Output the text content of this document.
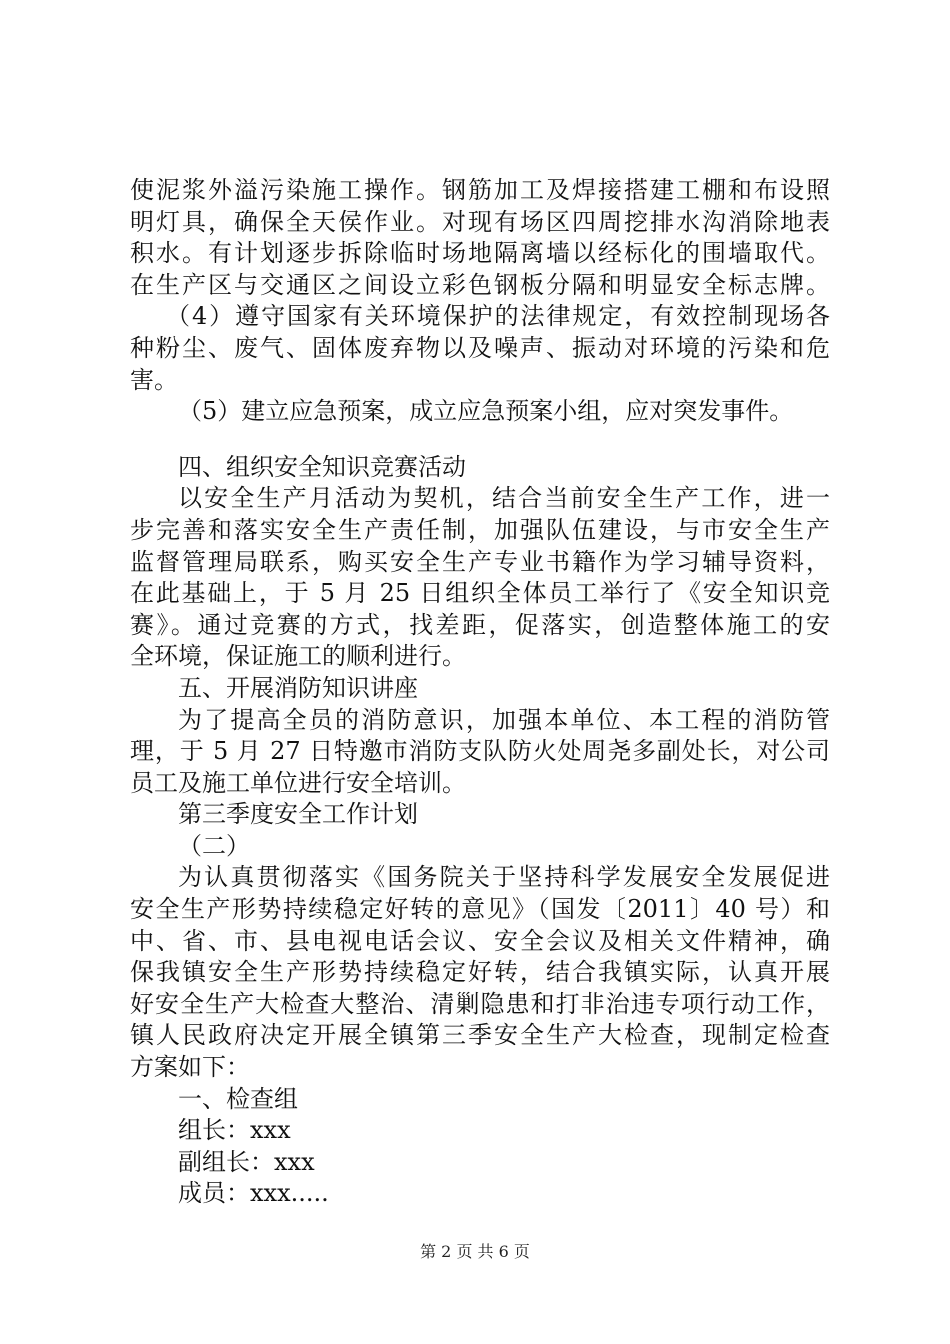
使泥浆外溢污染施工操作。钢筋加工及焊接搭建工棚和布设照
明灯具，确保全天侯作业。对现有场区四周挖排水沟消除地表
积水。有计划逐步拆除临时场地隔离墙以经标化的围墙取代。
在生产区与交通区之间设立彩色钢板分隔和明显安全标志牌。
（4）遵守国家有关环境保护的法律规定，有效控制现场各
种粉尘、废气、固体废弃物以及噪声、振动对环境的污染和危
害。
（5）建立应急预案，成立应急预案小组，应对突发事件。
四、组织安全知识竞赛活动
以安全生产月活动为契机，结合当前安全生产工作，进一
步完善和落实安全生产责任制，加强队伍建设，与市安全生产
监督管理局联系，购买安全生产专业书籍作为学习辅导资料，
在此基础上，于 5 月 25 日组织全体员工举行了《安全知识竞
赛》。通过竞赛的方式，找差距，促落实，创造整体施工的安
全环境，保证施工的顺利进行。
五、开展消防知识讲座
为了提高全员的消防意识，加强本单位、本工程的消防管
理，于 5 月 27 日特邀市消防支队防火处周尧多副处长，对公司
员工及施工单位进行安全培训。
第三季度安全工作计划
（二）
为认真贯彻落实《国务院关于坚持科学发展安全发展促进
安全生产形势持续稳定好转的意见》（国发〔2011〕40 号）和
中、省、市、县电视电话会议、安全会议及相关文件精神，确
保我镇安全生产形势持续稳定好转，结合我镇实际，认真开展
好安全生产大检查大整治、清剿隐患和打非治违专项行动工作，
镇人民政府决定开展全镇第三季安全生产大检查，现制定检查
方案如下：
一、检查组
组长：xxx
副组长：xxx
成员：xxx.....
第 2 页 共 6 页
